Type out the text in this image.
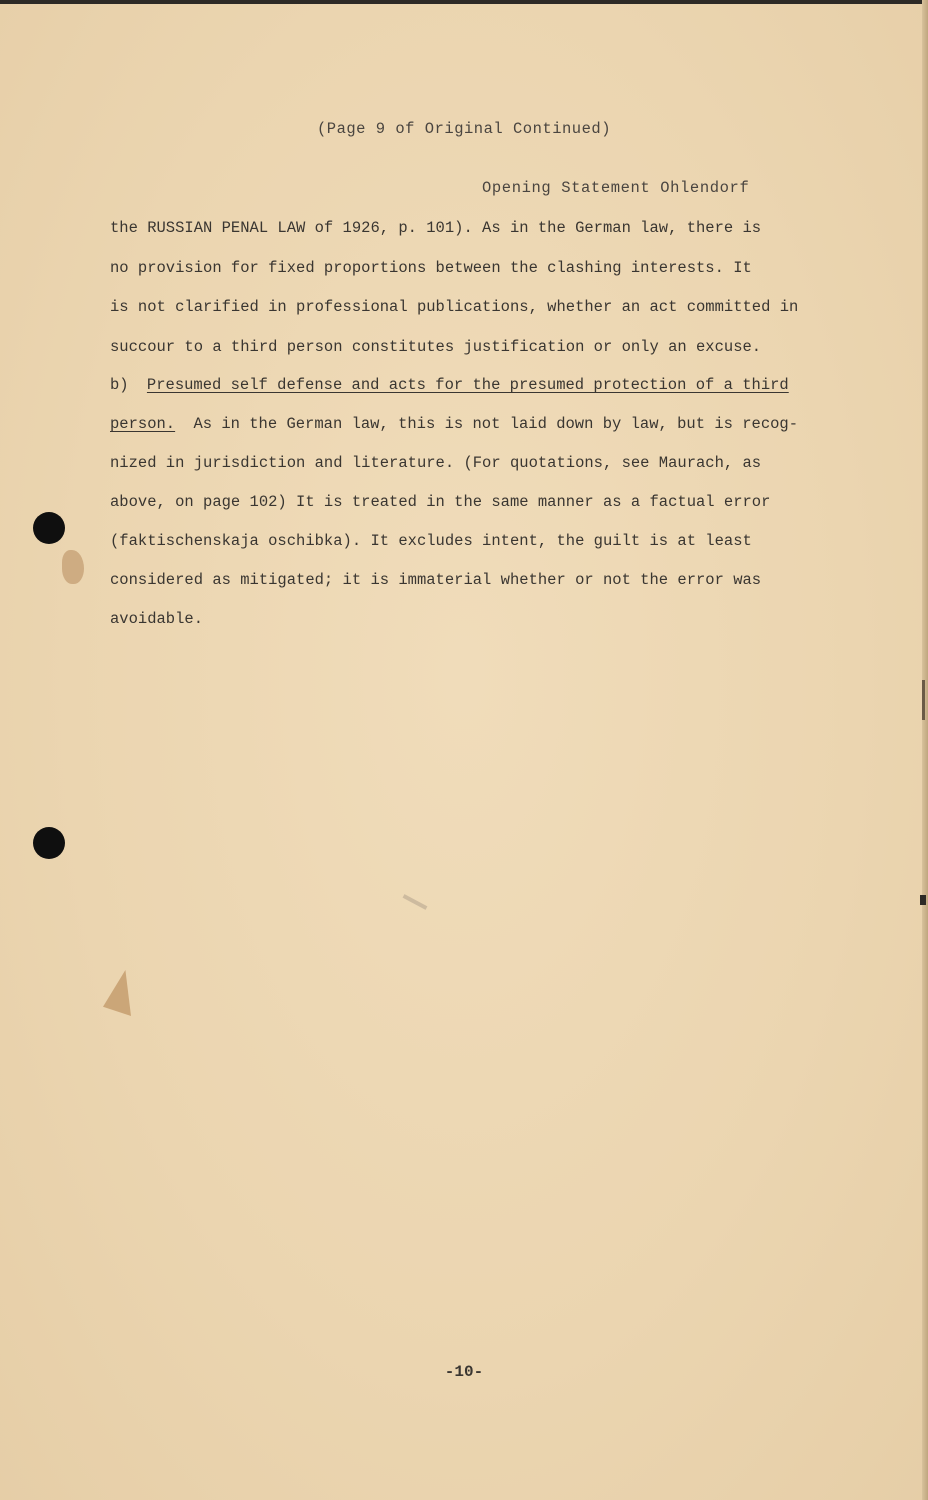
(Page 9 of Original Continued)
Opening Statement Ohlendorf
the RUSSIAN PENAL LAW of 1926, p. 101). As in the German law, there is
no provision for fixed proportions between the clashing interests. It
is not clarified in professional publications, whether an act committed in
succour to a third person constitutes justification or only an excuse.
b) Presumed self defense and acts for the presumed protection of a third
person. As in the German law, this is not laid down by law, but is recog-
nized in jurisdiction and literature. (For quotations, see Maurach, as
above, on page 102) It is treated in the same manner as a factual error
(faktischenskaja oschibka). It excludes intent, the guilt is at least
considered as mitigated; it is immaterial whether or not the error was
avoidable.
-10-
